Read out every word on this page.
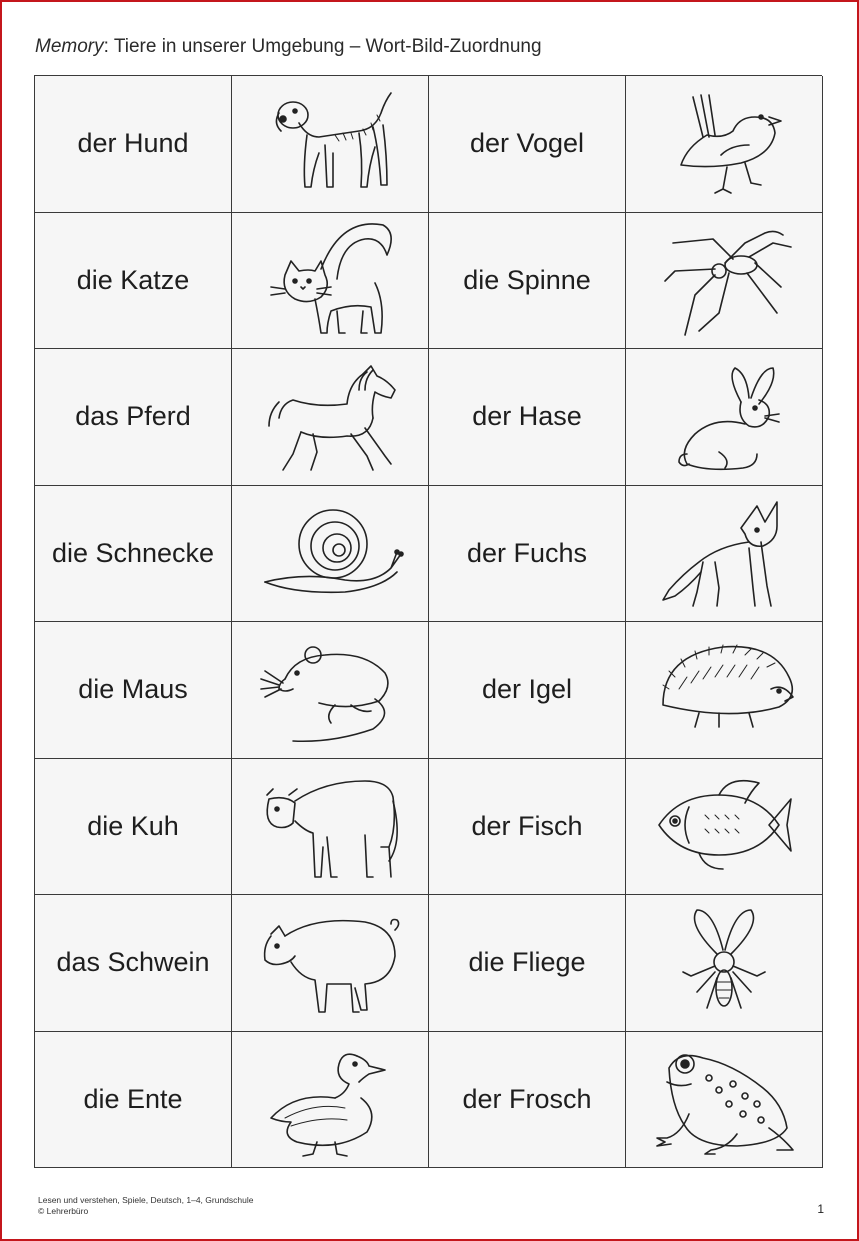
Memory: Tiere in unserer Umgebung – Wort-Bild-Zuordnung
der Hund	der Vogel
die Katze	die Spinne
das Pferd	der Hase
die Schnecke	der Fuchs
die Maus	der Igel
die Kuh	der Fisch
das Schwein	die Fliege
die Ente	der Frosch
Lesen und verstehen, Spiele, Deutsch, 1–4, Grundschule
© Lehrerbüro	1
